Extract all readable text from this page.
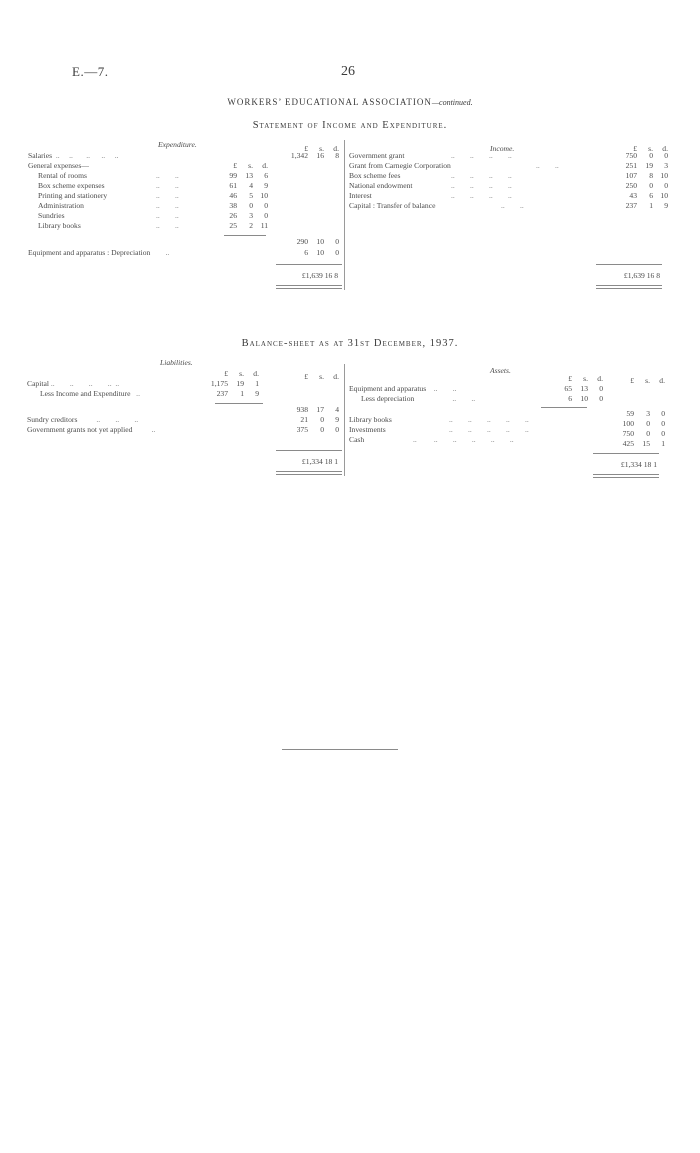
E.—7.	26
WORKERS’ EDUCATIONAL ASSOCIATION—continued.
Statement of Income and Expenditure.
Expenditure.	Income.
£	s.	d.	£	s.	d.
Salaries  ..     ..       ..      ..     ..	1,342	16	8
General expenses—	£	s.	d.
Rental of rooms	..        ..	99	13	6
Box scheme expenses	..        ..	61	4	9
Printing and stationery	..        ..	46	5 10
Administration	..        ..	38	0	0
Sundries	..        ..	26	3	0
Library books	..        ..	25	2	11
290	10	0
Equipment and apparatus : Depreciation        ..	6	10	0
£1,639 16 8
Government grant	..        ..        ..        ..	750	0	0
Grant from Carnegie Corporation	..        ..	251	19	3
Box scheme fees	..        ..        ..        ..	107	8 10
National endowment	..        ..        ..        ..	250	0	0
Interest	..        ..        ..        ..	43	6 10
Capital : Transfer of balance	..        ..	237	1	9
£1,639 16 8
Balance-sheet as at 31st December, 1937.
Liabilities.
Assets.
£	s.	d.	£	s.	d.
Capital ..        ..        ..        ..  ..	1,175	19	1
Less Income and Expenditure   ..	237	1	9
938	17	4
Sundry creditors          ..        ..        ..	21	0	9
Government grants not yet applied          ..	375	0	0
£1,334 18 1
£	s.	d.	£	s.	d.
Equipment and apparatus    ..        ..	65	13	0
Less depreciation                    ..        ..	6	10	0
59	3	0
Library books	..        ..        ..        ..        ..	100	0	0
Investments	..        ..        ..        ..        ..	750	0	0
Cash	..         ..        ..        ..        ..        ..	425	15	1
£1,334 18 1
